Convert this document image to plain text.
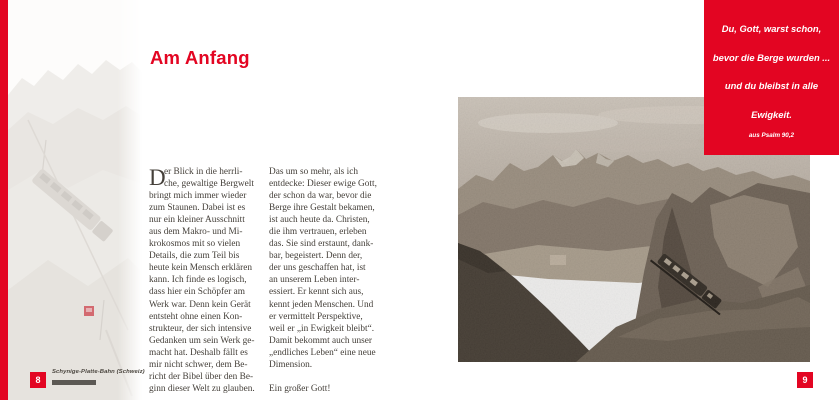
Am Anfang
D
er Blick in die herrli-
che, gewaltige Bergwelt
bringt mich immer wieder
zum Staunen. Dabei ist es
nur ein kleiner Ausschnitt
aus dem Makro- und Mi-
krokosmos mit so vielen
Details, die zum Teil bis
heute kein Mensch erklären
kann. Ich finde es logisch,
dass hier ein Schöpfer am
Werk war. Denn kein Gerät
entsteht ohne einen Kon-
strukteur, der sich intensive
Gedanken um sein Werk ge-
macht hat. Deshalb fällt es
mir nicht schwer, dem Be-
richt der Bibel über den Be-
ginn dieser Welt zu glauben.
Das um so mehr, als ich
entdecke: Dieser ewige Gott,
der schon da war, bevor die
Berge ihre Gestalt bekamen,
ist auch heute da. Christen,
die ihm vertrauen, erleben
das. Sie sind erstaunt, dank-
bar, begeistert. Denn der,
der uns geschaffen hat, ist
an unserem Leben inter-
essiert. Er kennt sich aus,
kennt jeden Menschen. Und
er vermittelt Perspektive,
weil er „in Ewigkeit bleibt“.
Damit bekommt auch unser
„endliches Leben“ eine neue
Dimension.

Ein großer Gott!
Schynige-Platte-Bahn (Schweiz)
8	9
Du, Gott, warst schon,
bevor die Berge wurden ...
und du bleibst in alle
Ewigkeit.
aus Psalm 90,2
